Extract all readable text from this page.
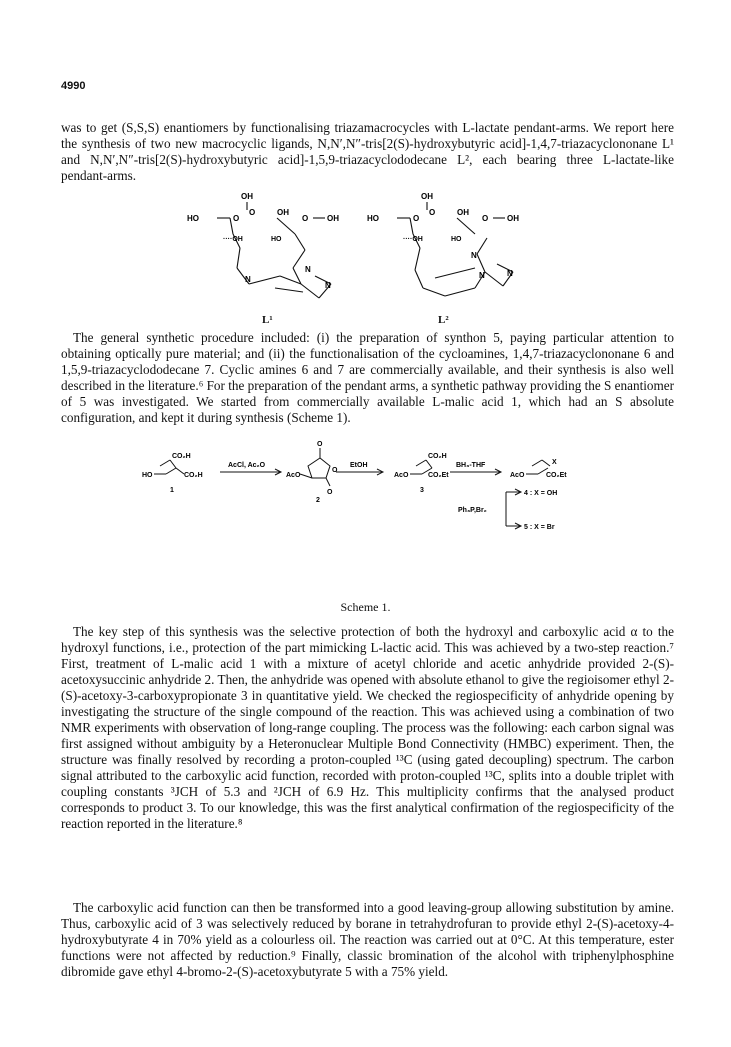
4990

was to get (S,S,S) enantiomers by functionalising triazamacrocycles with L-lactate pendant-arms. We report here the synthesis of two new macrocyclic ligands, N,N′,N″-tris[2(S)-hydroxybutyric acid]-1,4,7-triazacyclononane L¹ and N,N′,N″-tris[2(S)-hydroxybutyric acid]-1,5,9-triazacyclododecane L², each bearing three L-lactate-like pendant-arms.

OH
HO	O
O	OH
O OH
····OH	HO
N
N
N
L¹
OH
HO	O
O	OH
O OH
····OH	HO
N
N	N
L²

The general synthetic procedure included: (i) the preparation of synthon 5, paying particular attention to obtaining optically pure material; and (ii) the functionalisation of the cycloamines, 1,4,7-triazacyclononane 6 and 1,5,9-triazacyclododecane 7. Cyclic amines 6 and 7 are commercially available, and their synthesis is also well described in the literature.⁶ For the preparation of the pendant arms, a synthetic pathway providing the S enantiomer of 5 was investigated. We started from commercially available L-malic acid 1, which had an S absolute configuration, and kept it during synthesis (Scheme 1).

CO₂H
HO	CO₂H
1
AcCl, Ac₂O
O
O
O
AcO
2
EtOH
CO₂H
AcO	CO₂Et
3
BH₃-THF	X
AcO	CO₂Et
Ph₃P,Br₂
4 : X = OH
5 : X = Br
Scheme 1.

The key step of this synthesis was the selective protection of both the hydroxyl and carboxylic acid α to the hydroxyl functions, i.e., protection of the part mimicking L-lactic acid. This was achieved by a two-step reaction.⁷ First, treatment of L-malic acid 1 with a mixture of acetyl chloride and acetic anhydride provided 2-(S)-acetoxysuccinic anhydride 2. Then, the anhydride was opened with absolute ethanol to give the regioisomer ethyl 2-(S)-acetoxy-3-carboxypropionate 3 in quantitative yield. We checked the regiospecificity of anhydride opening by investigating the structure of the single compound of the reaction. This was achieved using a combination of two NMR experiments with observation of long-range coupling. The process was the following: each carbon signal was first assigned without ambiguity by a Heteronuclear Multiple Bond Connectivity (HMBC) experiment. Then, the structure was finally resolved by recording a proton-coupled ¹³C (using gated decoupling) spectrum. The carbon signal attributed to the carboxylic acid function, recorded with proton-coupled ¹³C, splits into a double triplet with coupling constants ³JCH of 5.3 and ²JCH of 6.9 Hz. This multiplicity confirms that the analysed product corresponds to product 3. To our knowledge, this was the first analytical confirmation of the regiospecificity of the reaction reported in the literature.⁸

The carboxylic acid function can then be transformed into a good leaving-group allowing substitution by amine. Thus, carboxylic acid of 3 was selectively reduced by borane in tetrahydrofuran to provide ethyl 2-(S)-acetoxy-4-hydroxybutyrate 4 in 70% yield as a colourless oil. The reaction was carried out at 0°C. At this temperature, ester functions were not affected by reduction.⁹ Finally, classic bromination of the alcohol with triphenylphosphine dibromide gave ethyl 4-bromo-2-(S)-acetoxybutyrate 5 with a 75% yield.
